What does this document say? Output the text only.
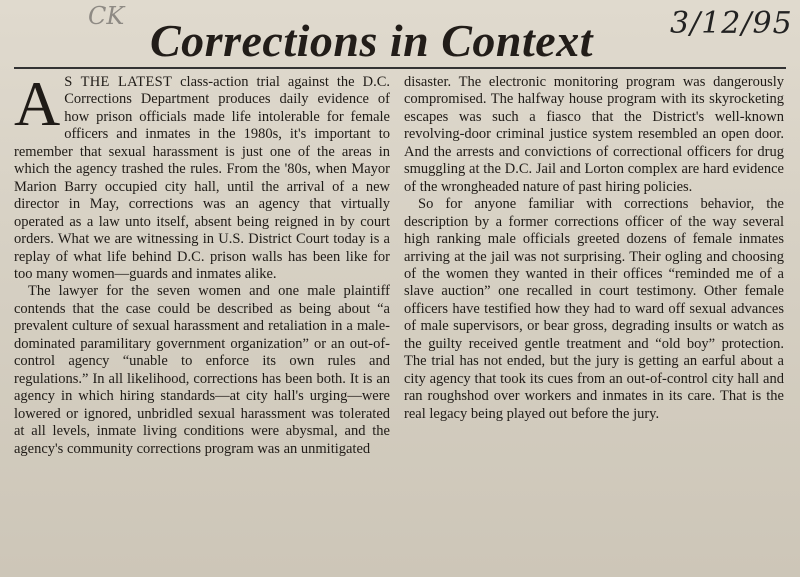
CK	3/12/95
Corrections in Context

A S THE LATEST class-action trial against the D.C. Corrections Department produces daily evidence of how prison officials made life intolerable for female officers and inmates in the 1980s, it's important to remember that sexual harassment is just one of the areas in which the agency trashed the rules. From the '80s, when Mayor Marion Barry occupied city hall, until the arrival of a new director in May, corrections was an agency that virtually operated as a law unto itself, absent being reigned in by court orders. What we are witnessing in U.S. District Court today is a replay of what life behind D.C. prison walls has been like for too many women—guards and inmates alike.

The lawyer for the seven women and one male plaintiff contends that the case could be described as being about “a prevalent culture of sexual harassment and retaliation in a male-dominated paramilitary government organization” or an out-of-control agency “unable to enforce its own rules and regulations.” In all likelihood, corrections has been both. It is an agency in which hiring standards—at city hall's urging—were lowered or ignored, unbridled sexual harassment was tolerated at all levels, inmate living conditions were abysmal, and the agency's community corrections program was an unmitigated

disaster. The electronic monitoring program was dangerously compromised. The halfway house program with its skyrocketing escapes was such a fiasco that the District's well-known revolving-door criminal justice system resembled an open door. And the arrests and convictions of correctional officers for drug smuggling at the D.C. Jail and Lorton complex are hard evidence of the wrongheaded nature of past hiring policies.

So for anyone familiar with corrections behavior, the description by a former corrections officer of the way several high ranking male officials greeted dozens of female inmates arriving at the jail was not surprising. Their ogling and choosing of the women they wanted in their offices “reminded me of a slave auction” one recalled in court testimony. Other female officers have testified how they had to ward off sexual advances of male supervisors, or bear gross, degrading insults or watch as the guilty received gentle treatment and “old boy” protection. The trial has not ended, but the jury is getting an earful about a city agency that took its cues from an out-of-control city hall and ran roughshod over workers and inmates in its care. That is the real legacy being played out before the jury.
